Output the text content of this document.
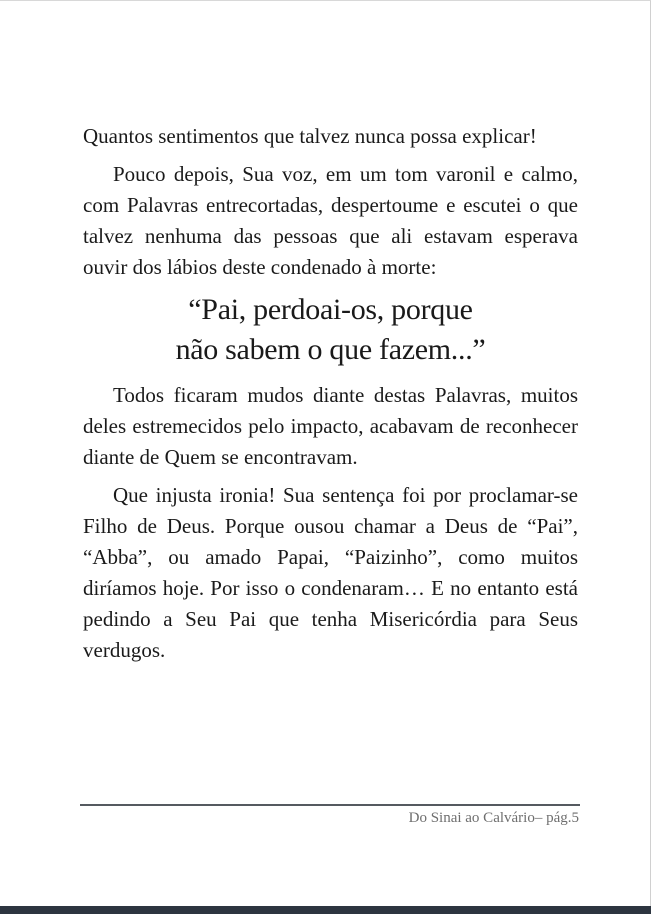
Quantos sentimentos que talvez nunca possa explicar!

Pouco depois, Sua voz, em um tom varonil e calmo, com Palavras entrecortadas, despertoume e escutei o que talvez nenhuma das pessoas que ali estavam esperava ouvir dos lábios deste condenado à morte:

“Pai, perdoai-os, porque
não sabem o que fazem...”

Todos ficaram mudos diante destas Palavras, muitos deles estremecidos pelo impacto, acabavam de reconhecer diante de Quem se encontravam.

Que injusta ironia! Sua sentença foi por proclamar-se Filho de Deus. Porque ousou chamar a Deus de “Pai”, “Abba”, ou amado Papai, “Paizinho”, como muitos diríamos hoje. Por isso o condenaram… E no entanto está pedindo a Seu Pai que tenha Misericórdia para Seus verdugos.

Do Sinai ao Calvário– pág.5
